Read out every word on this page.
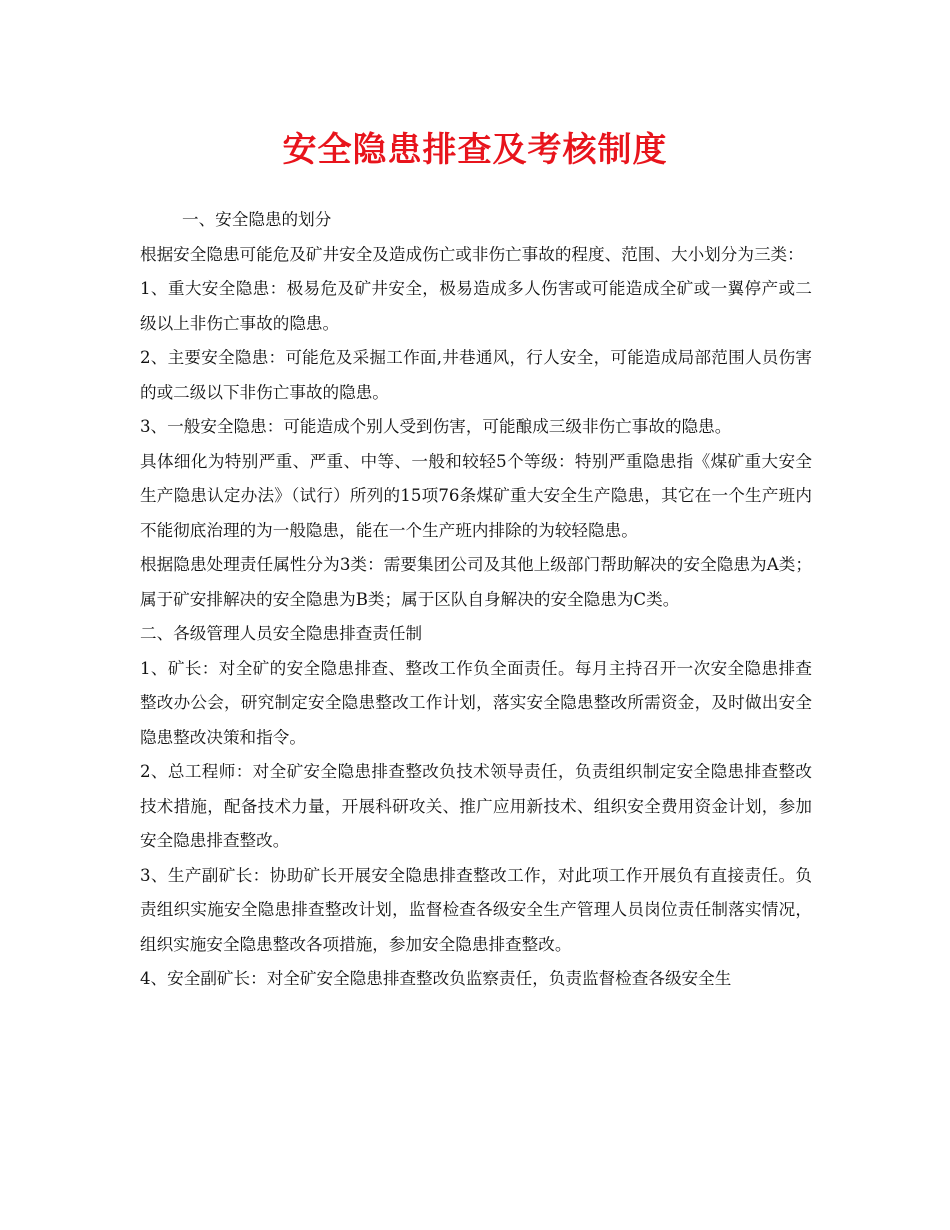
安全隐患排查及考核制度

一、安全隐患的划分

根据安全隐患可能危及矿井安全及造成伤亡或非伤亡事故的程度、范围、大小划分为三类：

1、重大安全隐患：极易危及矿井安全，极易造成多人伤害或可能造成全矿或一翼停产或二级以上非伤亡事故的隐患。

2、主要安全隐患：可能危及采掘工作面,井巷通风，行人安全，可能造成局部范围人员伤害的或二级以下非伤亡事故的隐患。

3、一般安全隐患：可能造成个别人受到伤害，可能酿成三级非伤亡事故的隐患。

具体细化为特别严重、严重、中等、一般和较轻5个等级：特别严重隐患指《煤矿重大安全生产隐患认定办法》（试行）所列的15项76条煤矿重大安全生产隐患，其它在一个生产班内不能彻底治理的为一般隐患，能在一个生产班内排除的为较轻隐患。

根据隐患处理责任属性分为3类：需要集团公司及其他上级部门帮助解决的安全隐患为A类；属于矿安排解决的安全隐患为B类；属于区队自身解决的安全隐患为C类。

二、各级管理人员安全隐患排查责任制

1、矿长：对全矿的安全隐患排查、整改工作负全面责任。每月主持召开一次安全隐患排查整改办公会，研究制定安全隐患整改工作计划，落实安全隐患整改所需资金，及时做出安全隐患整改决策和指令。

2、总工程师：对全矿安全隐患排查整改负技术领导责任，负责组织制定安全隐患排查整改技术措施，配备技术力量，开展科研攻关、推广应用新技术、组织安全费用资金计划，参加安全隐患排查整改。

3、生产副矿长：协助矿长开展安全隐患排查整改工作，对此项工作开展负有直接责任。负责组织实施安全隐患排查整改计划，监督检查各级安全生产管理人员岗位责任制落实情况，组织实施安全隐患整改各项措施，参加安全隐患排查整改。

4、安全副矿长：对全矿安全隐患排查整改负监察责任，负责监督检查各级安全生
